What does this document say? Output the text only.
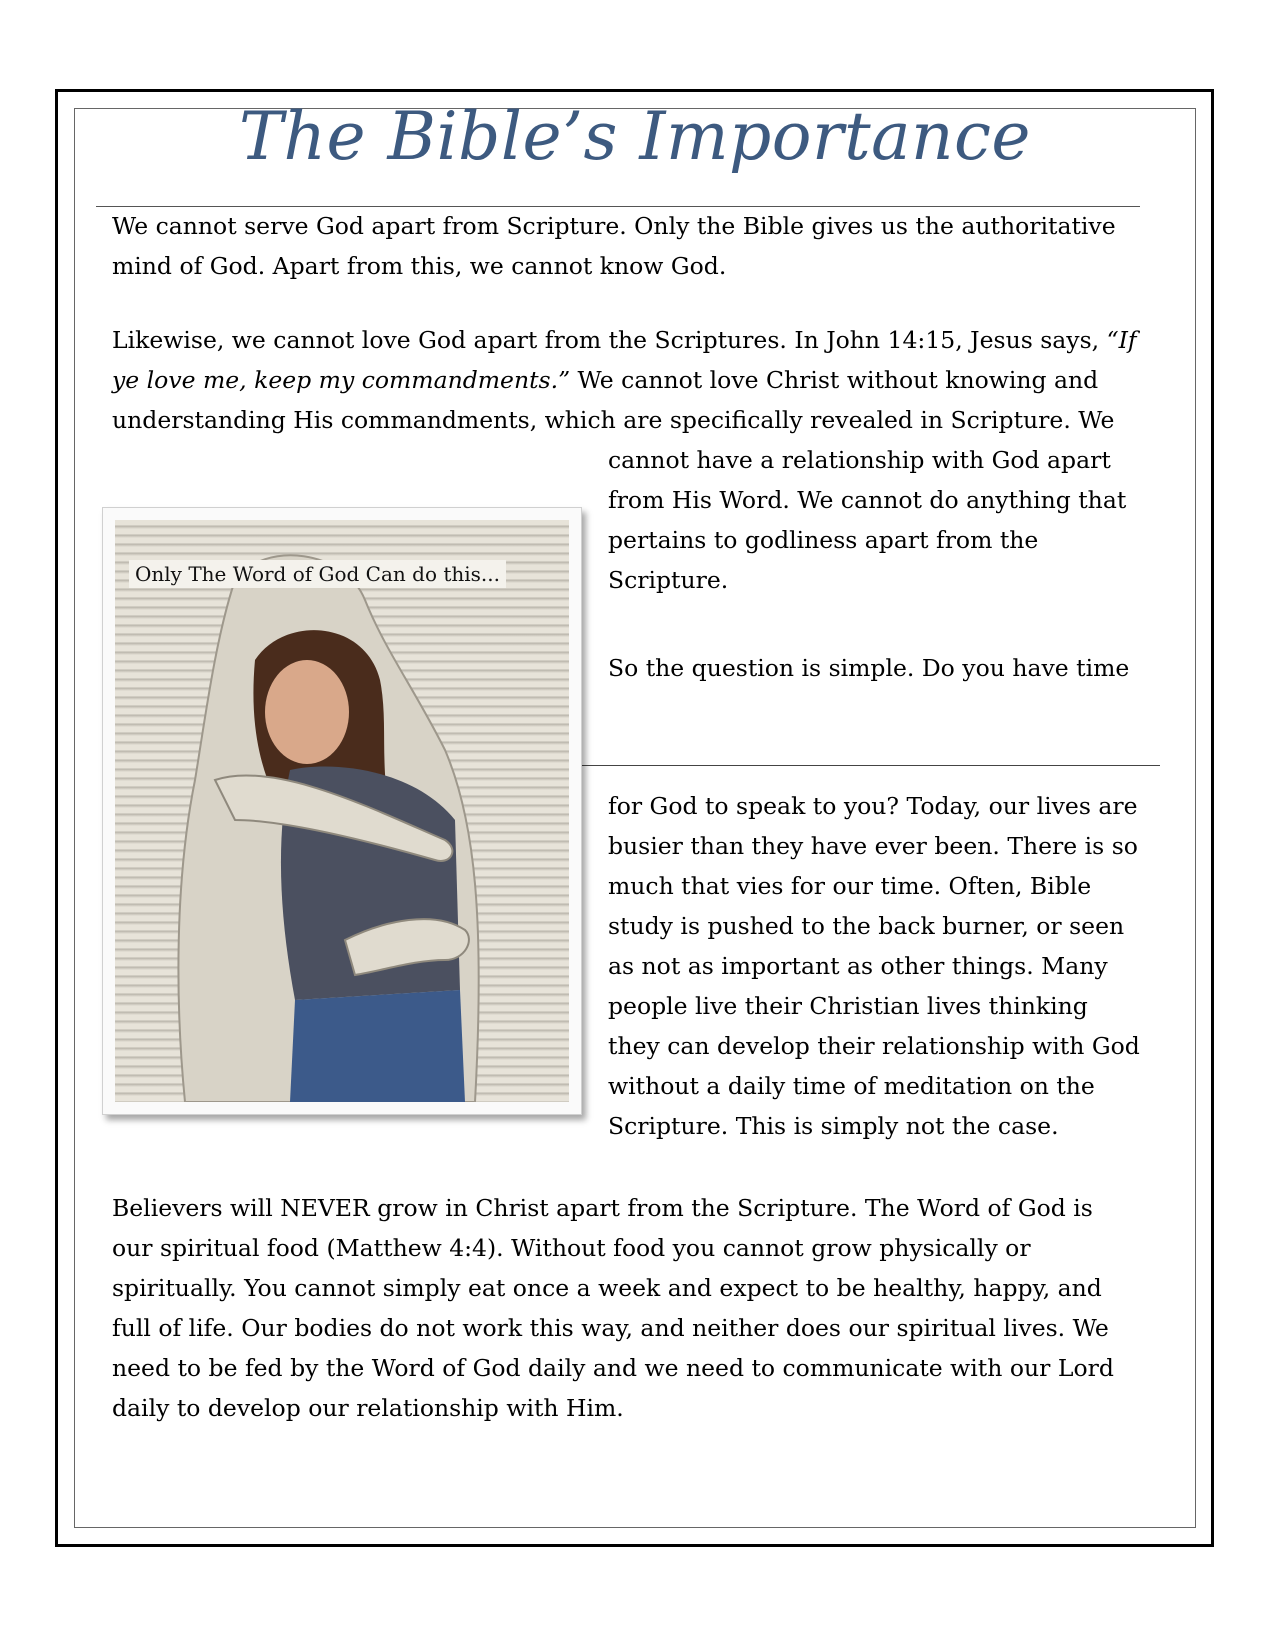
The Bible’s Importance
We cannot serve God apart from Scripture. Only the Bible gives us the authoritative
mind of God. Apart from this, we cannot know God.
Likewise, we cannot love God apart from the Scriptures. In John 14:15, Jesus says, “If
ye love me, keep my commandments.” We cannot love Christ without knowing and
understanding His commandments, which are specifically revealed in Scripture. We
cannot have a relationship with God apart
from His Word. We cannot do anything that
pertains to godliness apart from the
Scripture.
So the question is simple. Do you have time
for God to speak to you? Today, our lives are
busier than they have ever been. There is so
much that vies for our time. Often, Bible
study is pushed to the back burner, or seen
as not as important as other things. Many
people live their Christian lives thinking
they can develop their relationship with God
without a daily time of meditation on the
Scripture. This is simply not the case.
Believers will NEVER grow in Christ apart from the Scripture. The Word of God is
our spiritual food (Matthew 4:4). Without food you cannot grow physically or
spiritually. You cannot simply eat once a week and expect to be healthy, happy, and
full of life. Our bodies do not work this way, and neither does our spiritual lives. We
need to be fed by the Word of God daily and we need to communicate with our Lord
daily to develop our relationship with Him.
Only The Word of God Can do this...
